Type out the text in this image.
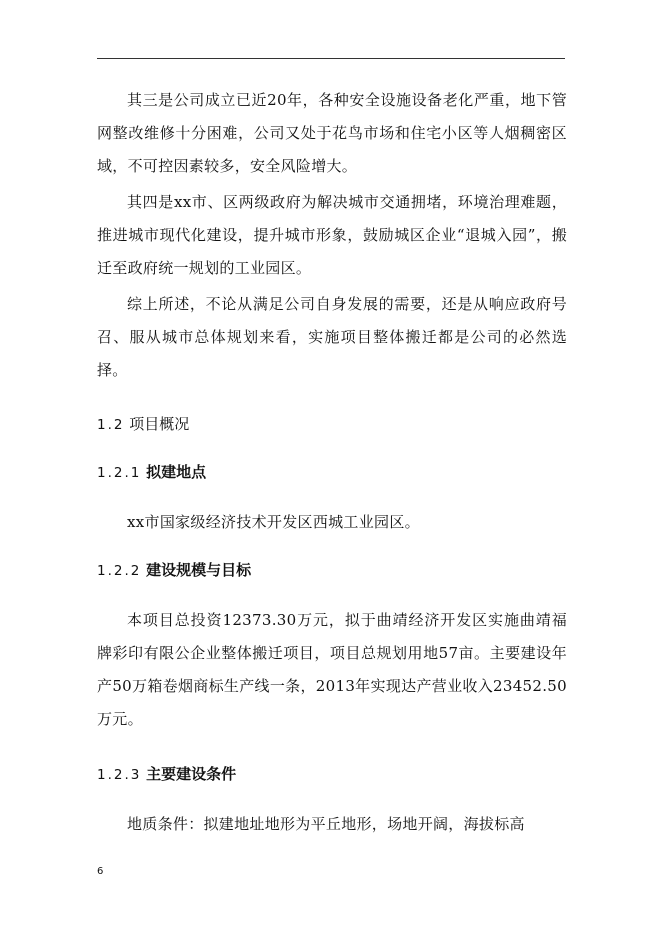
其三是公司成立已近20年，各种安全设施设备老化严重，地下管网整改维修十分困难，公司又处于花鸟市场和住宅小区等人烟稠密区域，不可控因素较多，安全风险增大。

其四是xx市、区两级政府为解决城市交通拥堵，环境治理难题，推进城市现代化建设，提升城市形象，鼓励城区企业“退城入园”，搬迁至政府统一规划的工业园区。

综上所述，不论从满足公司自身发展的需要，还是从响应政府号召、服从城市总体规划来看，实施项目整体搬迁都是公司的必然选择。

1.2 项目概况
1.2.1 拟建地点

xx市国家级经济技术开发区西城工业园区。

1.2.2 建设规模与目标

本项目总投资12373.30万元，拟于曲靖经济开发区实施曲靖福牌彩印有限公企业整体搬迁项目，项目总规划用地57亩。主要建设年产50万箱卷烟商标生产线一条，2013年实现达产营业收入23452.50万元。

1.2.3 主要建设条件

地质条件：拟建地址地形为平丘地形，场地开阔，海拔标高

6
